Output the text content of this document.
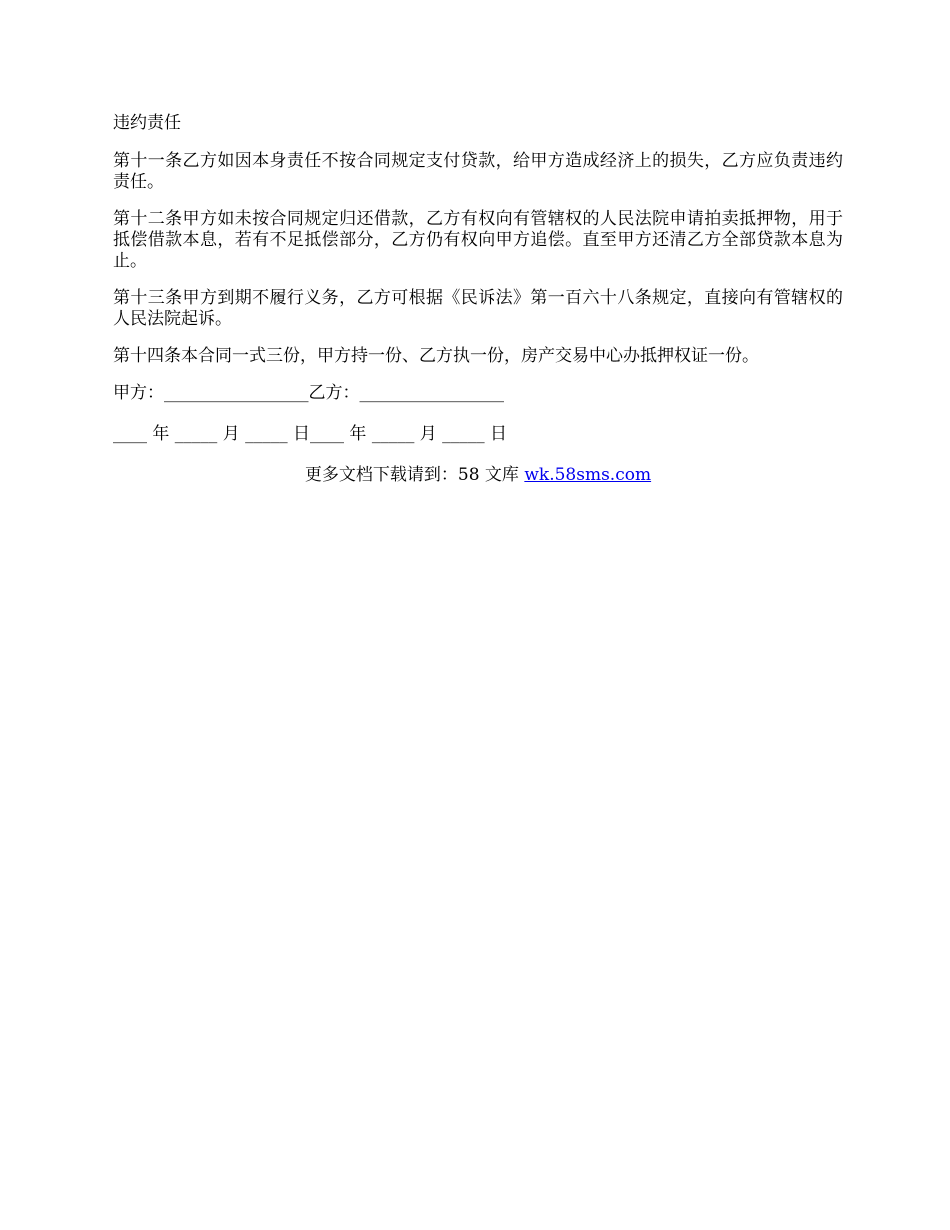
违约责任

第十一条乙方如因本身责任不按合同规定支付贷款，给甲方造成经济上的损失，乙方应负责违约责任。

第十二条甲方如未按合同规定归还借款，乙方有权向有管辖权的人民法院申请拍卖抵押物，用于抵偿借款本息，若有不足抵偿部分，乙方仍有权向甲方追偿。直至甲方还清乙方全部贷款本息为止。

第十三条甲方到期不履行义务，乙方可根据《民诉法》第一百六十八条规定，直接向有管辖权的人民法院起诉。

第十四条本合同一式三份，甲方持一份、乙方执一份，房产交易中心办抵押权证一份。

甲方：_________________乙方：_________________

____ 年 _____ 月 _____ 日____ 年 _____ 月 _____ 日

更多文档下载请到：58 文库 wk.58sms.com
